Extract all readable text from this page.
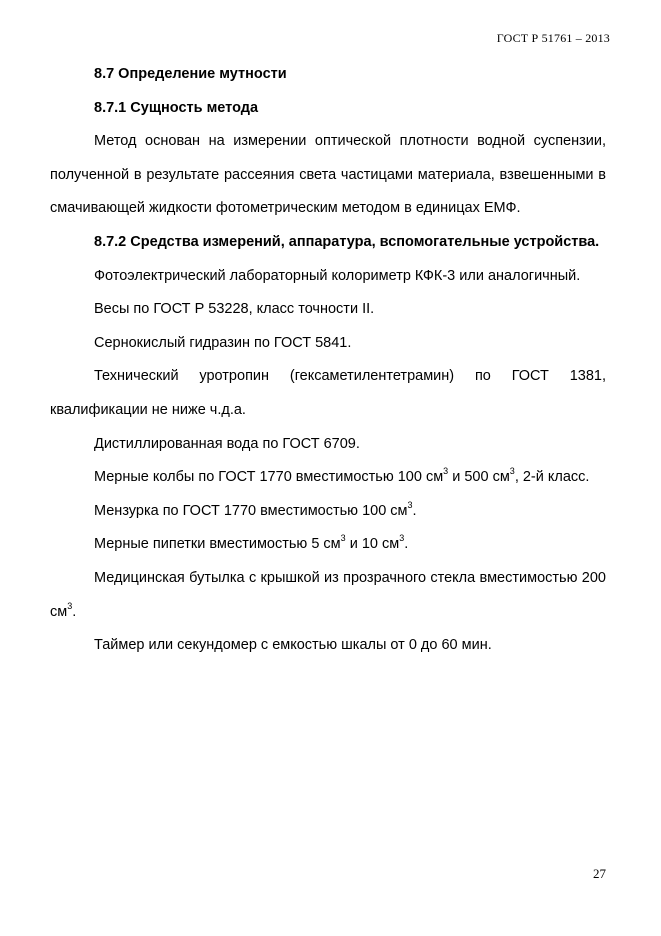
ГОСТ Р 51761 – 2013

8.7 Определение мутности

8.7.1 Сущность метода

Метод основан на измерении оптической плотности водной суспензии, полученной в результате рассеяния света частицами материала, взвешенными в смачивающей жидкости фотометрическим методом в единицах ЕМФ.

8.7.2 Средства измерений, аппаратура, вспомогательные устройства.

Фотоэлектрический лабораторный колориметр КФК-3 или аналогичный.

Весы по ГОСТ Р 53228, класс точности II.

Сернокислый гидразин по ГОСТ 5841.

Технический уротропин (гексаметилентетрамин) по ГОСТ 1381, квалификации не ниже ч.д.а.

Дистиллированная вода по ГОСТ 6709.

Мерные колбы по ГОСТ 1770 вместимостью 100 $см^3$ и 500 $см^3$, 2-й класс.

Мензурка по ГОСТ 1770 вместимостью 100 $см^3$.

Мерные пипетки вместимостью 5 $см^3$ и 10 $см^3$.

Медицинская бутылка с крышкой из прозрачного стекла вместимостью 200 $см^3$.

Таймер или секундомер с емкостью шкалы от 0 до 60 мин.

27
